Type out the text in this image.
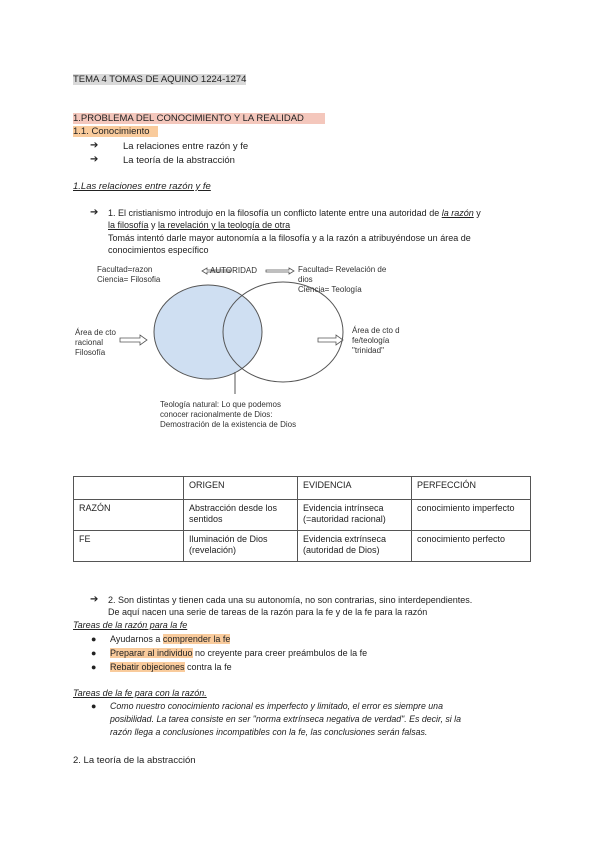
TEMA 4 TOMAS DE AQUINO 1224-1274
1.PROBLEMA DEL CONOCIMIENTO Y LA REALIDAD
1.1. Conocimiento
➔	La relaciones entre razón y fe
➔	La teoría de la abstracción
1.Las relaciones entre razón y fe
➔ 1. El cristianismo introdujo en la filosofía un conflicto latente entre una autoridad de la razón y
la filosofía y la revelación y la teología de otra
Tomás intentó darle mayor autonomía a la filosofía y a la razón a atribuyéndose un área de
conocimientos específico
Facultad=razon
Ciencia= Filosofia
AUTORIDAD	Facultad= Revelación de
dios
Ciencia= Teología
Área de cto
racional
Filosofía
Área de cto d
fe/teología
"trinidad"
Teología natural: Lo que podemos
conocer racionalmente de Dios:
Demostración de la existencia de Dios
	ORIGEN	EVIDENCIA	PERFECCIÓN
RAZÓN	Abstracción desde los sentidos	Evidencia intrínseca (=autoridad racional)	conocimiento imperfecto
FE	Iluminación de Dios (revelación)	Evidencia extrínseca (autoridad de Dios)	conocimiento perfecto
➔ 2. Son distintas y tienen cada una su autonomía, no son contrarias, sino interdependientes.
De aquí nacen una serie de tareas de la razón para la fe y de la fe para la razón
Tareas de la razón para la fe
● Ayudarnos a comprender la fe
● Preparar al individuo no creyente para creer preámbulos de la fe
● Rebatir objeciones contra la fe
Tareas de la fe para con la razón.
● Como nuestro conocimiento racional es imperfecto y limitado, el error es siempre una
posibilidad. La tarea consiste en ser "norma extrínseca negativa de verdad". Es decir, si la
razón llega a conclusiones incompatibles con la fe, las conclusiones serán falsas.
2. La teoría de la abstracción
